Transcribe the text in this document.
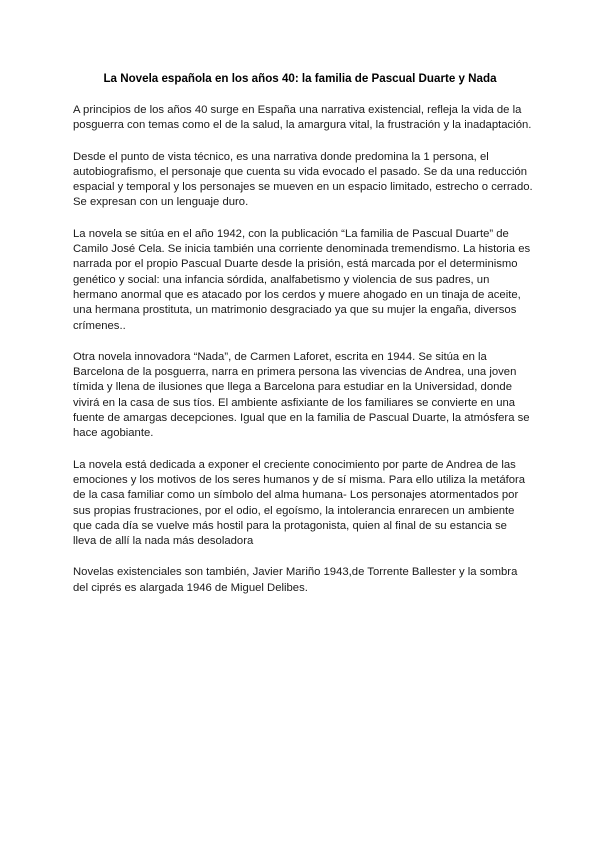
La Novela española en los años 40: la familia de Pascual Duarte y Nada

A principios de los años 40 surge en España una narrativa existencial, refleja la vida de la posguerra con temas como el de la salud, la amargura vital, la frustración y la inadaptación.

Desde el punto de vista técnico, es una narrativa donde predomina la 1 persona, el autobiografismo, el personaje que cuenta su vida evocado el pasado. Se da una reducción espacial y temporal y los personajes se mueven en un espacio limitado, estrecho o cerrado. Se expresan con un lenguaje duro.

La novela se sitúa en el año 1942, con la publicación “La familia de Pascual Duarte” de Camilo José Cela. Se inicia también una corriente denominada tremendismo. La historia es narrada por el propio Pascual Duarte desde la prisión, está marcada por el determinismo genético y social: una infancia sórdida, analfabetismo y violencia de sus padres, un hermano anormal que es atacado por los cerdos y muere ahogado en un tinaja de aceite, una hermana prostituta, un matrimonio desgraciado ya que su mujer la engaña, diversos crímenes..

Otra novela innovadora “Nada”, de Carmen Laforet, escrita en 1944. Se sitúa en la Barcelona de la posguerra, narra en primera persona las vivencias de Andrea, una joven tímida y llena de ilusiones que llega a Barcelona para estudiar en la Universidad, donde vivirá en la casa de sus tíos. El ambiente asfixiante de los familiares se convierte en una fuente de amargas decepciones. Igual que en la familia de Pascual Duarte, la atmósfera se hace agobiante.

La novela está dedicada a exponer el creciente conocimiento por parte de Andrea de las emociones y los motivos de los seres humanos y de sí misma. Para ello utiliza la metáfora de la casa familiar como un símbolo del alma humana- Los personajes atormentados por sus propias frustraciones, por el odio, el egoísmo, la intolerancia enrarecen un ambiente que cada día se vuelve más hostil para la protagonista, quien al final de su estancia se lleva de allí la nada más desoladora

Novelas existenciales son también, Javier Mariño 1943,de Torrente Ballester y la sombra del ciprés es alargada 1946 de Miguel Delibes.
